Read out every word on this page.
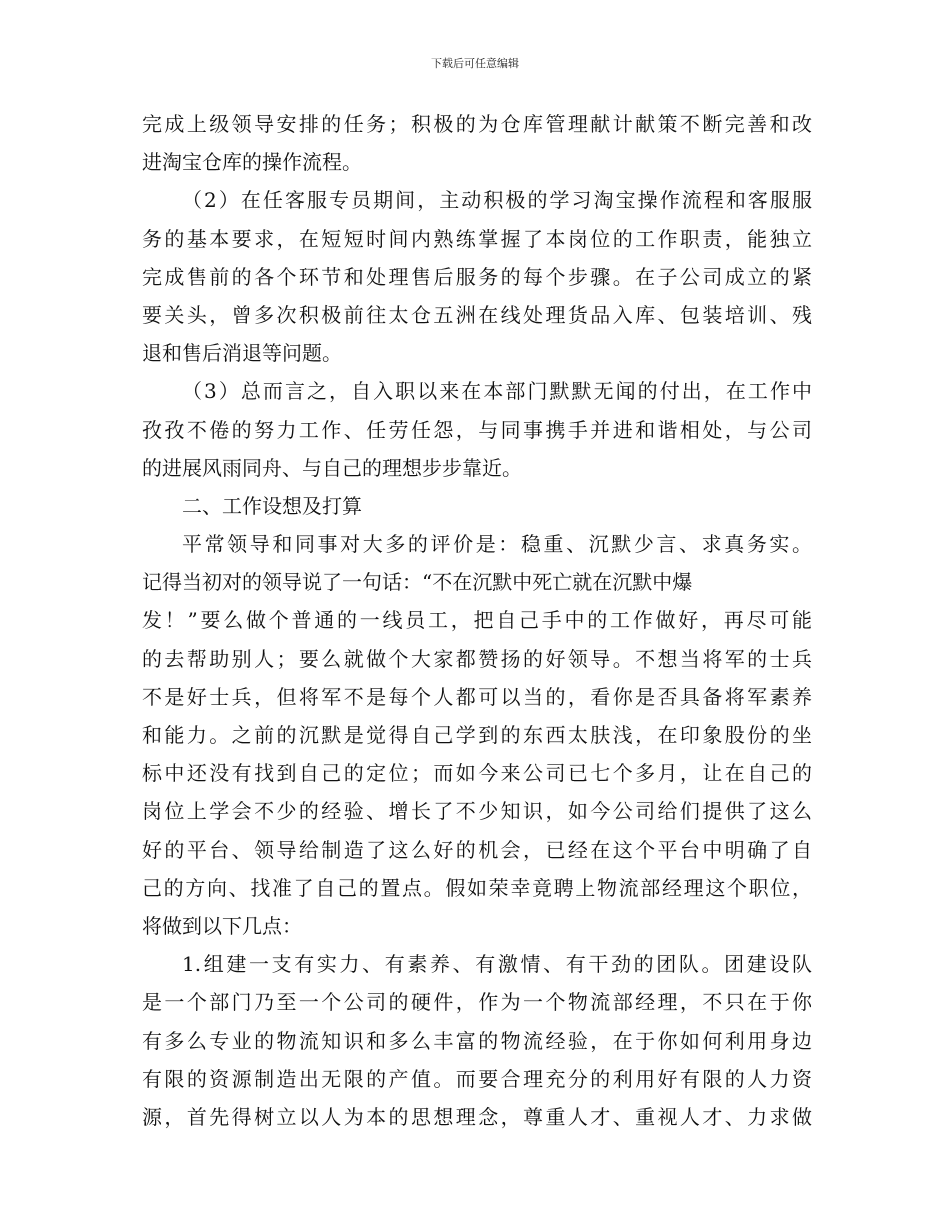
下载后可任意编辑
完成上级领导安排的任务；积极的为仓库管理献计献策不断完善和改
进淘宝仓库的操作流程。
（2）在任客服专员期间，主动积极的学习淘宝操作流程和客服服
务的基本要求，在短短时间内熟练掌握了本岗位的工作职责，能独立
完成售前的各个环节和处理售后服务的每个步骤。在子公司成立的紧
要关头，曾多次积极前往太仓五洲在线处理货品入库、包装培训、残
退和售后消退等问题。
（3）总而言之，自入职以来在本部门默默无闻的付出，在工作中
孜孜不倦的努力工作、任劳任怨，与同事携手并进和谐相处，与公司
的进展风雨同舟、与自己的理想步步靠近。
二、工作设想及打算
平常领导和同事对大多的评价是：稳重、沉默少言、求真务实。
记得当初对的领导说了一句话：“不在沉默中死亡就在沉默中爆
发！”要么做个普通的一线员工，把自己手中的工作做好，再尽可能
的去帮助别人；要么就做个大家都赞扬的好领导。不想当将军的士兵
不是好士兵，但将军不是每个人都可以当的，看你是否具备将军素养
和能力。之前的沉默是觉得自己学到的东西太肤浅，在印象股份的坐
标中还没有找到自己的定位；而如今来公司已七个多月，让在自己的
岗位上学会不少的经验、增长了不少知识，如今公司给们提供了这么
好的平台、领导给制造了这么好的机会，已经在这个平台中明确了自
己的方向、找准了自己的置点。假如荣幸竟聘上物流部经理这个职位，
将做到以下几点：
1.组建一支有实力、有素养、有激情、有干劲的团队。团建设队
是一个部门乃至一个公司的硬件，作为一个物流部经理，不只在于你
有多么专业的物流知识和多么丰富的物流经验，在于你如何利用身边
有限的资源制造出无限的产值。而要合理充分的利用好有限的人力资
源，首先得树立以人为本的思想理念，尊重人才、重视人才、力求做
